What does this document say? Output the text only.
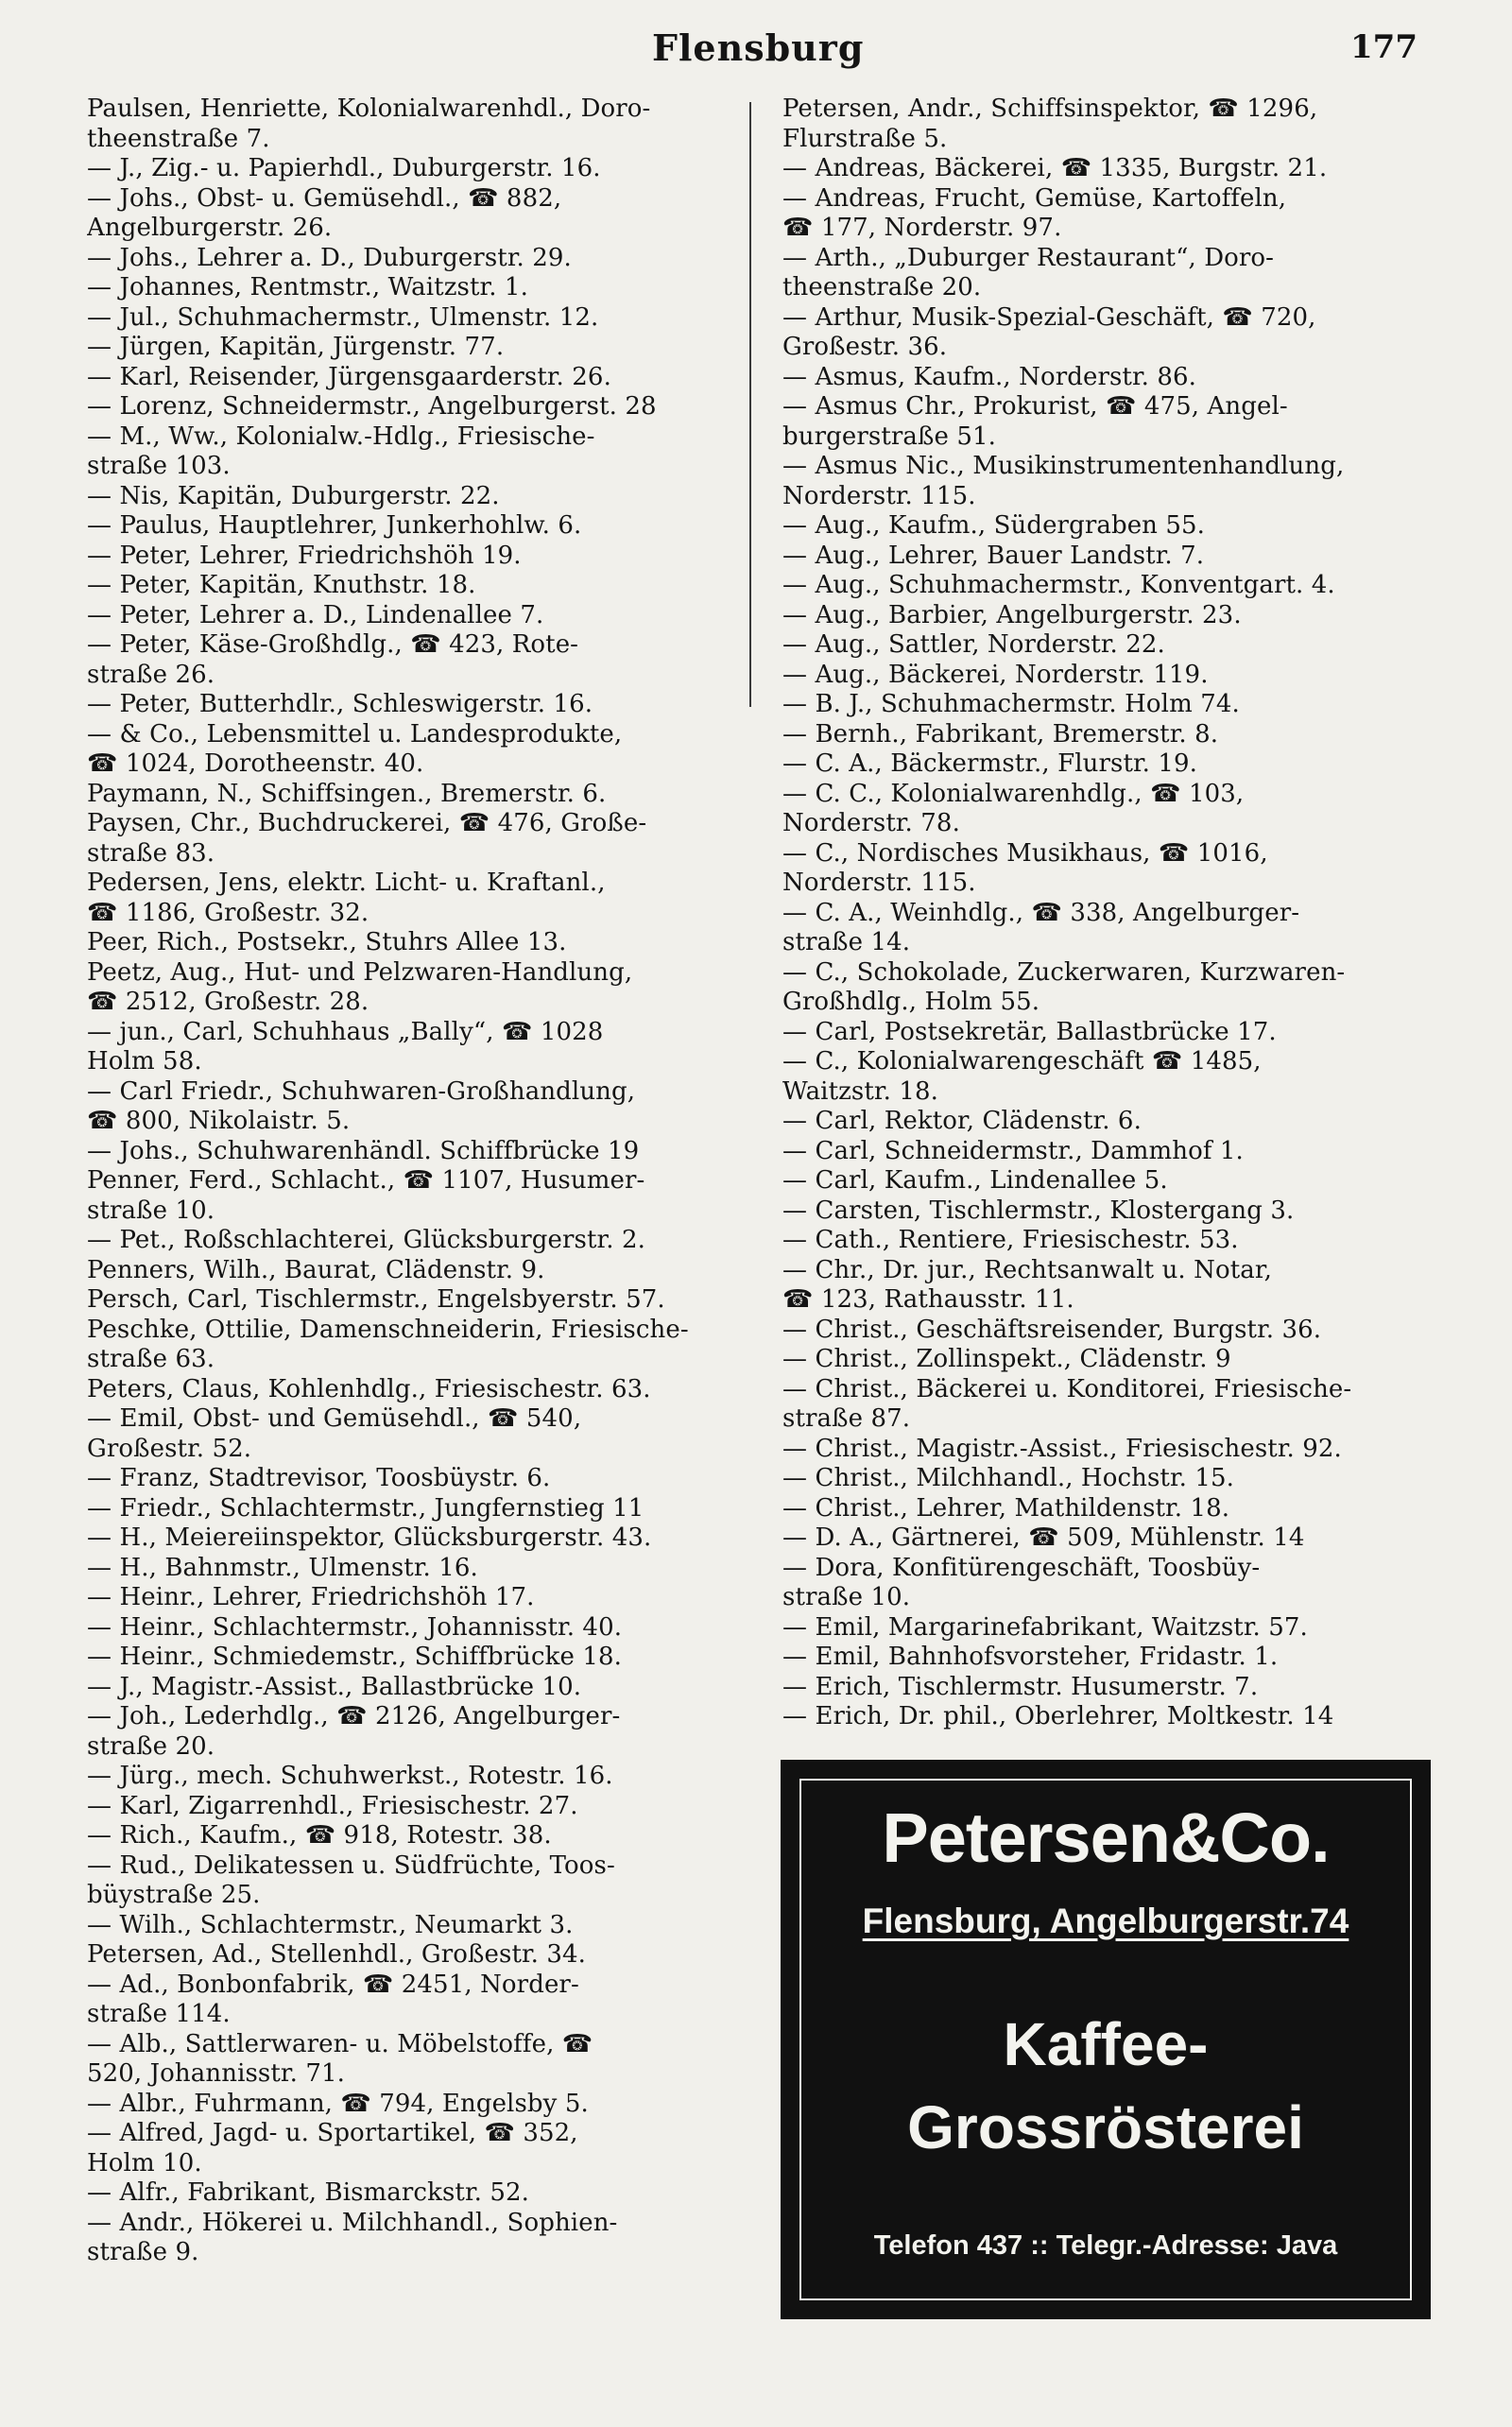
Flensburg	177
Paulsen, Henriette, Kolonialwarenhdl., Doro-
theenstraße 7.
— J., Zig.- u. Papierhdl., Duburgerstr. 16.
— Johs., Obst- u. Gemüsehdl., ☎ 882,
Angelburgerstr. 26.
— Johs., Lehrer a. D., Duburgerstr. 29.
— Johannes, Rentmstr., Waitzstr. 1.
— Jul., Schuhmachermstr., Ulmenstr. 12.
— Jürgen, Kapitän, Jürgenstr. 77.
— Karl, Reisender, Jürgensgaarderstr. 26.
— Lorenz, Schneidermstr., Angelburgerst. 28
— M., Ww., Kolonialw.-Hdlg., Friesische-
straße 103.
— Nis, Kapitän, Duburgerstr. 22.
— Paulus, Hauptlehrer, Junkerhohlw. 6.
— Peter, Lehrer, Friedrichshöh 19.
— Peter, Kapitän, Knuthstr. 18.
— Peter, Lehrer a. D., Lindenallee 7.
— Peter, Käse-Großhdlg., ☎ 423, Rote-
straße 26.
— Peter, Butterhdlr., Schleswigerstr. 16.
— & Co., Lebensmittel u. Landesprodukte,
☎ 1024, Dorotheenstr. 40.
Paymann, N., Schiffsingen., Bremerstr. 6.
Paysen, Chr., Buchdruckerei, ☎ 476, Große-
straße 83.
Pedersen, Jens, elektr. Licht- u. Kraftanl.,
☎ 1186, Großestr. 32.
Peer, Rich., Postsekr., Stuhrs Allee 13.
Peetz, Aug., Hut- und Pelzwaren-Handlung,
☎ 2512, Großestr. 28.
— jun., Carl, Schuhhaus „Bally“, ☎ 1028
Holm 58.
— Carl Friedr., Schuhwaren-Großhandlung,
☎ 800, Nikolaistr. 5.
— Johs., Schuhwarenhändl. Schiffbrücke 19
Penner, Ferd., Schlacht., ☎ 1107, Husumer-
straße 10.
— Pet., Roßschlachterei, Glücksburgerstr. 2.
Penners, Wilh., Baurat, Clädenstr. 9.
Persch, Carl, Tischlermstr., Engelsbyerstr. 57.
Peschke, Ottilie, Damenschneiderin, Friesische-
straße 63.
Peters, Claus, Kohlenhdlg., Friesischestr. 63.
— Emil, Obst- und Gemüsehdl., ☎ 540,
Großestr. 52.
— Franz, Stadtrevisor, Toosbüystr. 6.
— Friedr., Schlachtermstr., Jungfernstieg 11
— H., Meiereiinspektor, Glücksburgerstr. 43.
— H., Bahnmstr., Ulmenstr. 16.
— Heinr., Lehrer, Friedrichshöh 17.
— Heinr., Schlachtermstr., Johannisstr. 40.
— Heinr., Schmiedemstr., Schiffbrücke 18.
— J., Magistr.-Assist., Ballastbrücke 10.
— Joh., Lederhdlg., ☎ 2126, Angelburger-
straße 20.
— Jürg., mech. Schuhwerkst., Rotestr. 16.
— Karl, Zigarrenhdl., Friesischestr. 27.
— Rich., Kaufm., ☎ 918, Rotestr. 38.
— Rud., Delikatessen u. Südfrüchte, Toos-
büystraße 25.
— Wilh., Schlachtermstr., Neumarkt 3.
Petersen, Ad., Stellenhdl., Großestr. 34.
— Ad., Bonbonfabrik, ☎ 2451, Norder-
straße 114.
— Alb., Sattlerwaren- u. Möbelstoffe, ☎
520, Johannisstr. 71.
— Albr., Fuhrmann, ☎ 794, Engelsby 5.
— Alfred, Jagd- u. Sportartikel, ☎ 352,
Holm 10.
— Alfr., Fabrikant, Bismarckstr. 52.
— Andr., Hökerei u. Milchhandl., Sophien-
straße 9.
Petersen, Andr., Schiffsinspektor, ☎ 1296,
Flurstraße 5.
— Andreas, Bäckerei, ☎ 1335, Burgstr. 21.
— Andreas, Frucht, Gemüse, Kartoffeln,
☎ 177, Norderstr. 97.
— Arth., „Duburger Restaurant“, Doro-
theenstraße 20.
— Arthur, Musik-Spezial-Geschäft, ☎ 720,
Großestr. 36.
— Asmus, Kaufm., Norderstr. 86.
— Asmus Chr., Prokurist, ☎ 475, Angel-
burgerstraße 51.
— Asmus Nic., Musikinstrumentenhandlung,
Norderstr. 115.
— Aug., Kaufm., Südergraben 55.
— Aug., Lehrer, Bauer Landstr. 7.
— Aug., Schuhmachermstr., Konventgart. 4.
— Aug., Barbier, Angelburgerstr. 23.
— Aug., Sattler, Norderstr. 22.
— Aug., Bäckerei, Norderstr. 119.
— B. J., Schuhmachermstr. Holm 74.
— Bernh., Fabrikant, Bremerstr. 8.
— C. A., Bäckermstr., Flurstr. 19.
— C. C., Kolonialwarenhdlg., ☎ 103,
Norderstr. 78.
— C., Nordisches Musikhaus, ☎ 1016,
Norderstr. 115.
— C. A., Weinhdlg., ☎ 338, Angelburger-
straße 14.
— C., Schokolade, Zuckerwaren, Kurzwaren-
Großhdlg., Holm 55.
— Carl, Postsekretär, Ballastbrücke 17.
— C., Kolonialwarengeschäft ☎ 1485,
Waitzstr. 18.
— Carl, Rektor, Clädenstr. 6.
— Carl, Schneidermstr., Dammhof 1.
— Carl, Kaufm., Lindenallee 5.
— Carsten, Tischlermstr., Klostergang 3.
— Cath., Rentiere, Friesischestr. 53.
— Chr., Dr. jur., Rechtsanwalt u. Notar,
☎ 123, Rathausstr. 11.
— Christ., Geschäftsreisender, Burgstr. 36.
— Christ., Zollinspekt., Clädenstr. 9
— Christ., Bäckerei u. Konditorei, Friesische-
straße 87.
— Christ., Magistr.-Assist., Friesischestr. 92.
— Christ., Milchhandl., Hochstr. 15.
— Christ., Lehrer, Mathildenstr. 18.
— D. A., Gärtnerei, ☎ 509, Mühlenstr. 14
— Dora, Konfitürengeschäft, Toosbüy-
straße 10.
— Emil, Margarinefabrikant, Waitzstr. 57.
— Emil, Bahnhofsvorsteher, Fridastr. 1.
— Erich, Tischlermstr. Husumerstr. 7.
— Erich, Dr. phil., Oberlehrer, Moltkestr. 14
Petersen&Co.
Flensburg, Angelburgerstr.74
Kaffee-
Grossrösterei
Telefon 437 :: Telegr.-Adresse: Java
